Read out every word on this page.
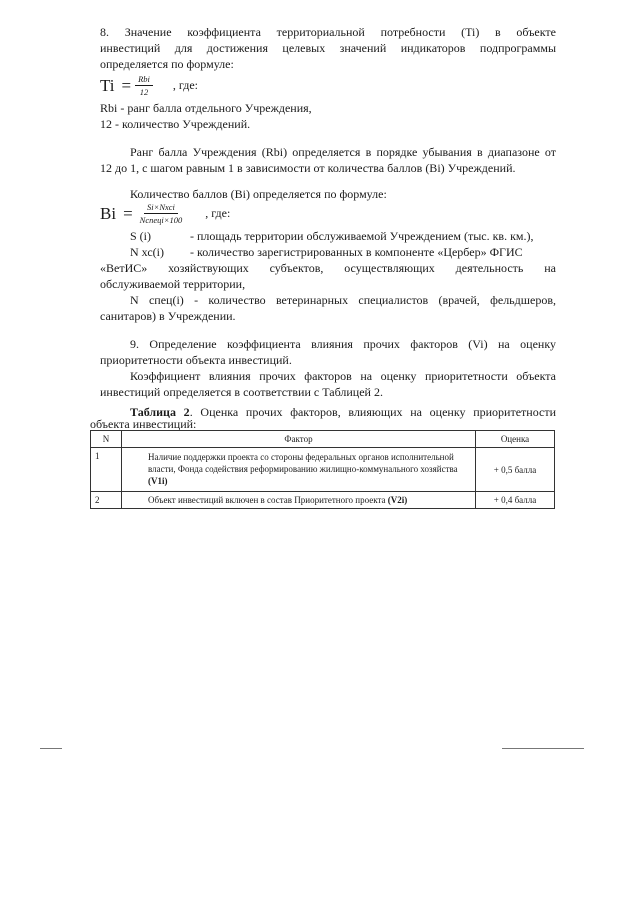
8. Значение коэффициента территориальной потребности (Ti) в объекте

инвестиций для достижения целевых значений индикаторов подпрограммы

определяется по формуле:

$Ti = \frac{\text{Rbi}}{12}$ , где:

Rbi - ранг балла отдельного Учреждения,

12 - количество Учреждений.

Ранг балла Учреждения (Rbi) определяется в порядке убывания в диапазоне от

12 до 1, с шагом равным 1 в зависимости от количества баллов (Bi) Учреждений.

Количество баллов (Bi) определяется по формуле:

$Bi = \frac{\text{Si×Nxci}}{\text{Nспецi×100}}$ , где:
S (i)	- площадь территории обслуживаемой Учреждением (тыс. кв. км.),
N хс(i) - количество зарегистрированных в компоненте «Цербер» ФГИС

«ВетИС» хозяйствующих субъектов, осуществляющих деятельность на

обслуживаемой территории,

N спец(i) - количество ветеринарных специалистов (врачей, фельдшеров,

санитаров) в Учреждении.

9. Определение коэффициента влияния прочих факторов (Vi) на оценку

приоритетности объекта инвестиций.

Коэффициент влияния прочих факторов на оценку приоритетности объекта

инвестиций определяется в соответствии с Таблицей 2.

Таблица 2. Оценка прочих факторов, влияющих на оценку приоритетности

объекта инвестиций:

N	Фактор	Оценка
1	Наличие поддержки проекта со стороны федеральных органов исполнительной власти, Фонда содействия реформированию жилищно-коммунального хозяйства (V1i)	+ 0,5 балла
2	Объект инвестиций включен в состав Приоритетного проекта (V2i)	+ 0,4 балла
